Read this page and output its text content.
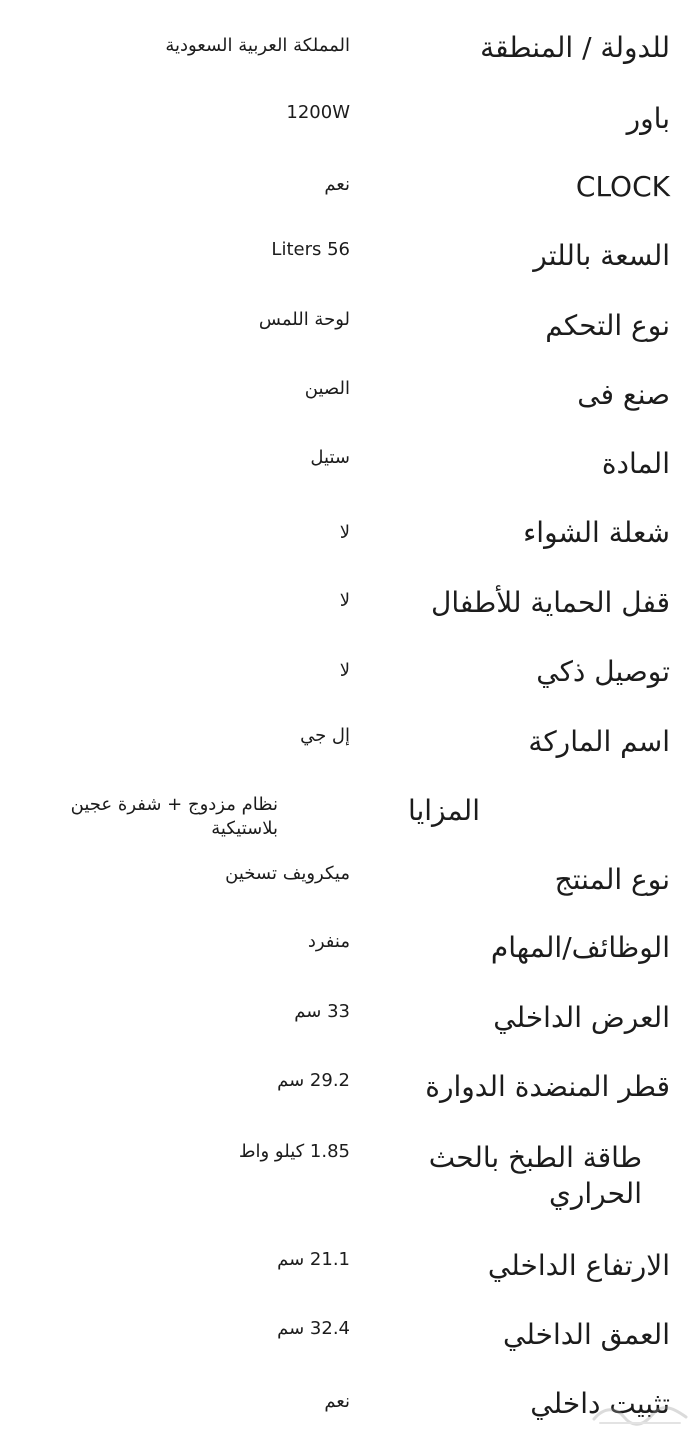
للدولة / المنطقة
المملكة العربية السعودية
باور
1200W
CLOCK
نعم
السعة باللتر
Liters 56
نوع التحكم
لوحة اللمس
صنع فى
الصين
المادة
ستيل
شعلة الشواء
لا
قفل الحماية للأطفال
لا
توصيل ذكي
لا
اسم الماركة
إل جي
المزايا
نظام مزدوج + شفرة عجين بلاستيكية
نوع المنتج
ميكرويف تسخين
الوظائف/المهام
منفرد
العرض الداخلي
33 سم
قطر المنضدة الدوارة
29.2 سم
طاقة الطبخ بالحث الحراري
1.85 كيلو واط
الارتفاع الداخلي
21.1 سم
العمق الداخلي
32.4 سم
تثبيت داخلي
نعم
